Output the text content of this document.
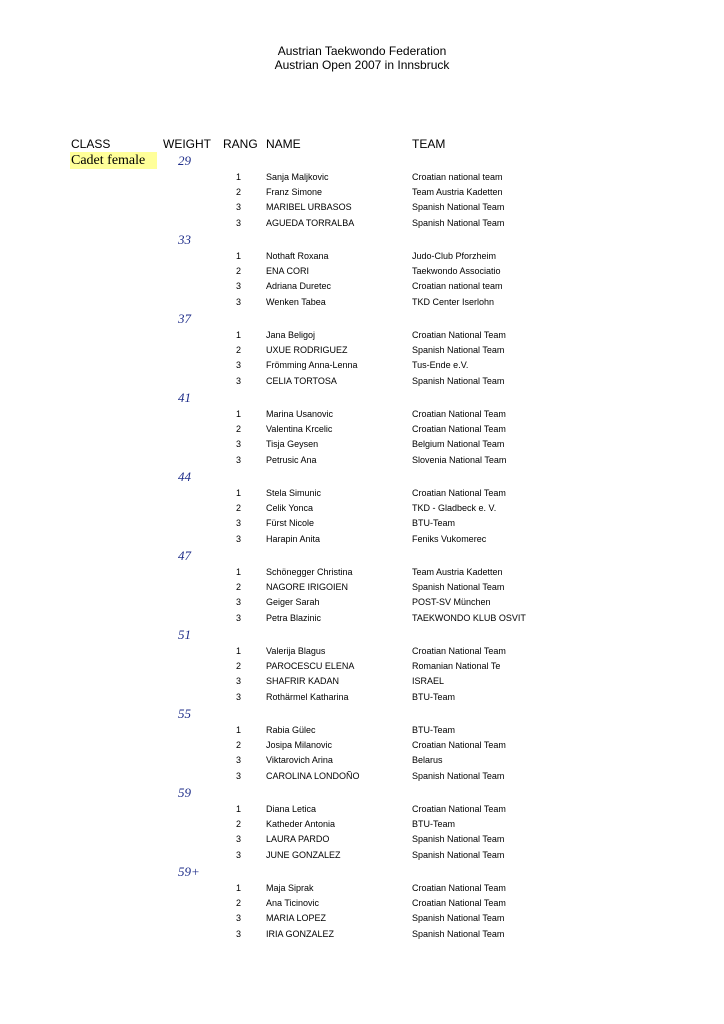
Austrian Taekwondo Federation
Austrian Open 2007 in Innsbruck
CLASS	WEIGHT RANG NAME	TEAM
Cadet female	29
1	Sanja Maljkovic	Croatian national team
2	Franz Simone	Team Austria Kadetten
3	MARIBEL URBASOS	Spanish National Team
3	AGUEDA TORRALBA	Spanish National Team
33
1	Nothaft Roxana	Judo-Club Pforzheim
2	ENA CORI	Taekwondo Associatio
3	Adriana Duretec	Croatian national team
3	Wenken Tabea	TKD Center Iserlohn
37
1	Jana Beligoj	Croatian National Team
2	UXUE RODRIGUEZ	Spanish National Team
3	Frömming Anna-Lenna	Tus-Ende e.V.
3	CELIA TORTOSA	Spanish National Team
41
1	Marina Usanovic	Croatian National Team
2	Valentina Krcelic	Croatian National Team
3	Tisja Geysen	Belgium National Team
3	Petrusic Ana	Slovenia National Team
44
1	Stela Simunic	Croatian National Team
2	Celik Yonca	TKD - Gladbeck e. V.
3	Fürst Nicole	BTU-Team
3	Harapin Anita	Feniks Vukomerec
47
1	Schönegger Christina	Team Austria Kadetten
2	NAGORE IRIGOIEN	Spanish National Team
3	Geiger Sarah	POST-SV München
3	Petra Blazinic	TAEKWONDO KLUB OSVIT
51
1	Valerija Blagus	Croatian National Team
2	PAROCESCU ELENA	Romanian National Te
3	SHAFRIR KADAN	ISRAEL
3	Rothärmel Katharina	BTU-Team
55
1	Rabia Gülec	BTU-Team
2	Josipa Milanovic	Croatian National Team
3	Viktarovich Arina	Belarus
3	CAROLINA LONDOÑO	Spanish National Team
59
1	Diana Letica	Croatian National Team
2	Katheder Antonia	BTU-Team
3	LAURA PARDO	Spanish National Team
3	JUNE GONZALEZ	Spanish National Team
59+
1	Maja Siprak	Croatian National Team
2	Ana Ticinovic	Croatian National Team
3	MARIA LOPEZ	Spanish National Team
3	IRIA GONZALEZ	Spanish National Team
